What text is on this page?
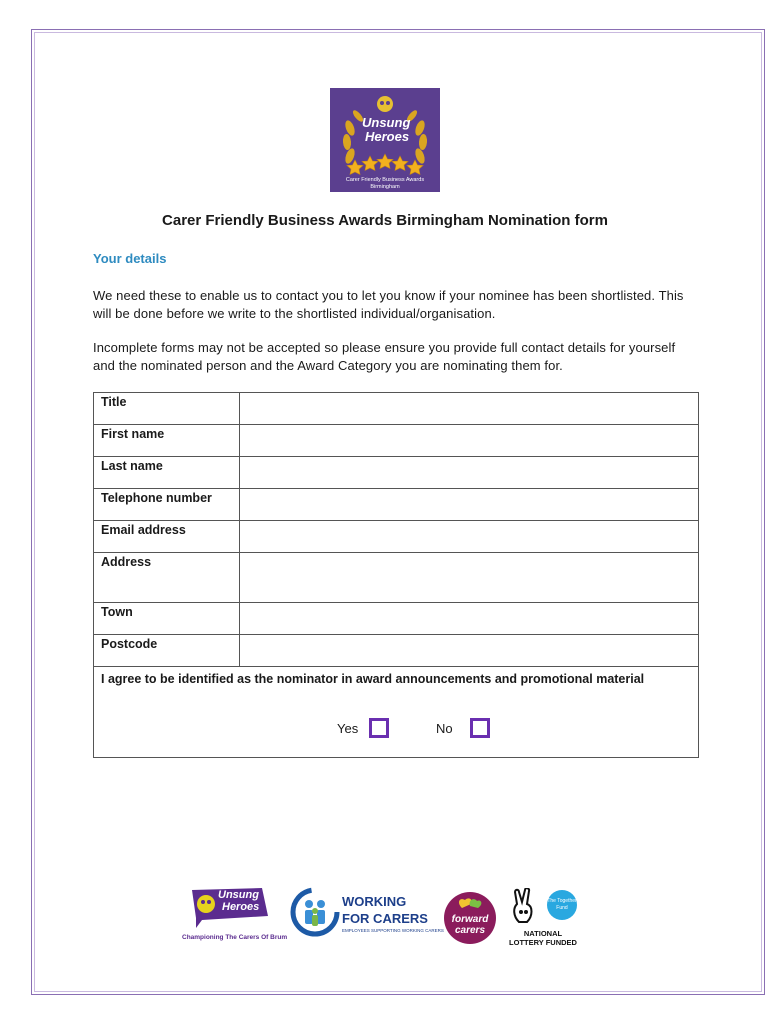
Unsung
Heroes
Carer Friendly Business Awards
Birmingham
Carer Friendly Business Awards Birmingham Nomination form
Your details
We need these to enable us to contact you to let you know if your nominee has been shortlisted. This will be done before we write to the shortlisted individual/organisation.
Incomplete forms may not be accepted so please ensure you provide full contact details for yourself and the nominated person and the Award Category you are nominating them for.
Title	
First name	
Last name	
Telephone number	
Email address	
Address	
Town	
Postcode	

I agree to be identified as the nominator in award announcements and promotional material
Yes No	
Unsung
Heroes
Championing The Carers Of Brum
WORKING
FOR CARERS
EMPLOYEES SUPPORTING WORKING CARERS
forward
carers
The Together Fund
NATIONAL
LOTTERY FUNDED
